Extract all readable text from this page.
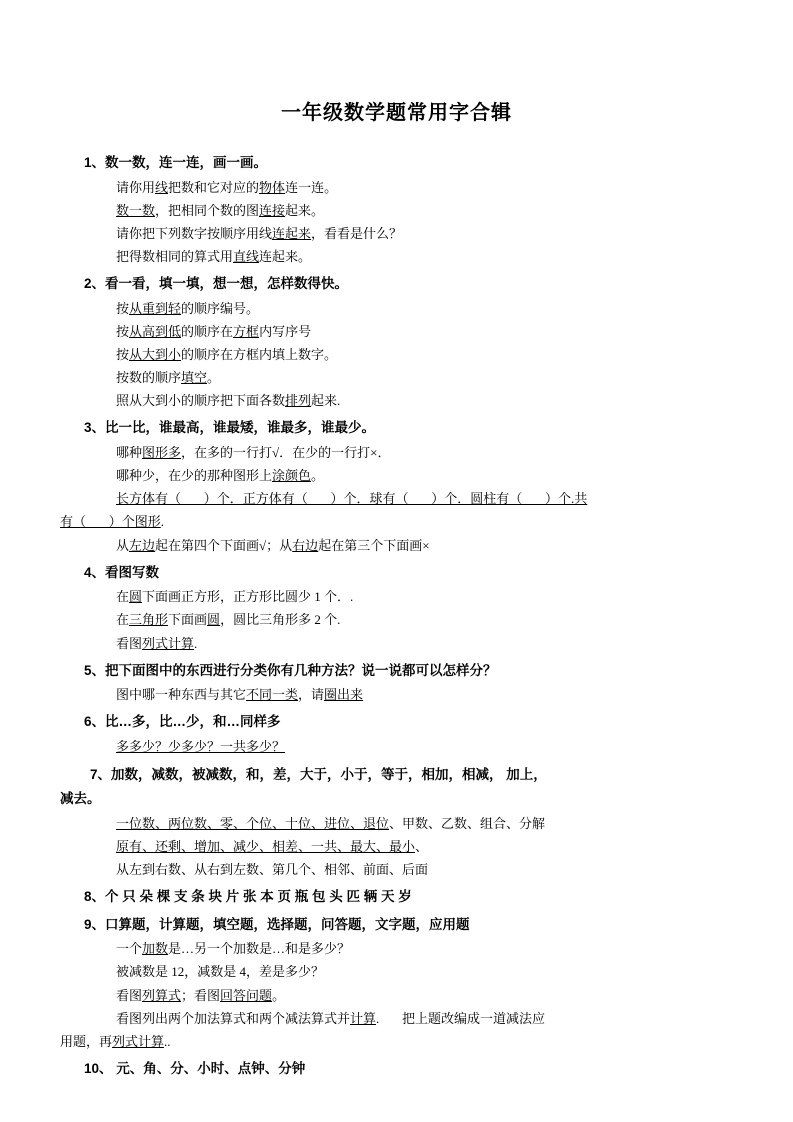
一年级数学题常用字合辑
1、数一数，连一连，画一画。
请你用线把数和它对应的物体连一连。
数一数，把相同个数的图连接起来。
请你把下列数字按顺序用线连起来，看看是什么？
把得数相同的算式用直线连起来。
2、看一看，填一填，想一想，怎样数得快。
按从重到轻的顺序编号。
按从高到低的顺序在方框内写序号
按从大到小的顺序在方框内填上数字。
按数的顺序填空。
照从大到小的顺序把下面各数排列起来.
3、比一比，谁最高，谁最矮，谁最多，谁最少。
哪种图形多，在多的一行打√．在少的一行打×．
哪种少，在少的那种图形上涂颜色。
长方体有（       ）个．正方体有（       ）个．球有（       ）个．圆柱有（       ）个.共
有（       ）个图形.
从左边起在第四个下面画√；从右边起在第三个下面画×
4、看图写数
在圆下面画正方形，正方形比圆少 1 个．.
在三角形下面画圆，圆比三角形多 2 个.
看图列式计算.
5、把下面图中的东西进行分类你有几种方法？说一说都可以怎样分？
图中哪一种东西与其它不同一类，请圈出来
6、比…多，比…少，和…同样多
多多少？少多少？一共多少？
7、加数，减数，被减数，和，差，大于，小于，等于，相加，相减， 加上，
减去。
一位数、两位数、零、个位、十位、进位、退位、甲数、乙数、组合、分解
原有、还剩、增加、减少、相差、一共、最大、最小、
从左到右数、从右到左数、第几个、相邻、前面、后面
8、个 只 朵 棵 支 条 块 片 张 本 页 瓶 包 头 匹 辆 天 岁
9、口算题，计算题，填空题，选择题，问答题，文字题，应用题
一个加数是…另一个加数是…和是多少？
被减数是 12，减数是 4，差是多少？
看图列算式；看图回答问题。
看图列出两个加法算式和两个减法算式并计算.       把上题改编成一道减法应
用题，再列式计算..
10、 元、角、分、小时、点钟、分钟
